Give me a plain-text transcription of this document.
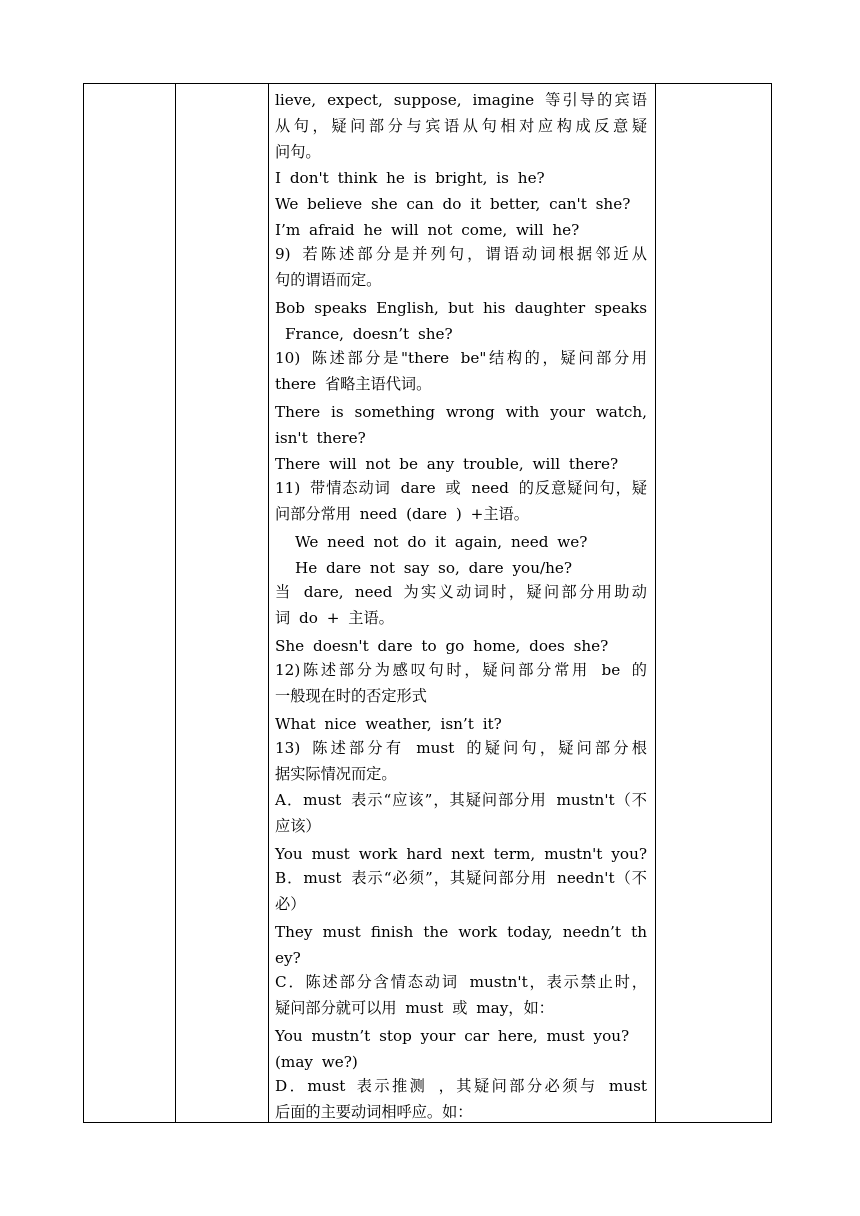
lieve, expect, suppose, imagine 等引导的宾语
从句，疑问部分与宾语从句相对应构成反意疑
问句。
I don't think he is bright, is he?
We believe she can do it better, can't she?
I’m afraid he will not come, will he?
9) 若陈述部分是并列句，谓语动词根据邻近从
句的谓语而定。
Bob speaks English, but his daughter speaks
France, doesn’t she?
10) 陈述部分是"there be"结构的，疑问部分用
there 省略主语代词。
There is something wrong with your watch,
isn't there?
There will not be any trouble, will there?
11) 带情态动词 dare 或 need 的反意疑问句，疑
问部分常用 need (dare ) +主语。
We need not do it again, need we?
He dare not say so, dare you/he?
当 dare, need 为实义动词时，疑问部分用助动
词 do + 主语。
She doesn't dare to go home, does she?
12)陈述部分为感叹句时，疑问部分常用 be 的
一般现在时的否定形式
What nice weather, isn’t it?
13) 陈述部分有 must 的疑问句，疑问部分根
据实际情况而定。
A．must 表示“应该”，其疑问部分用 mustn't（不
应该）
You must work hard next term, mustn't you?
B．must 表示“必须”，其疑问部分用 needn't（不
必）
They must finish the work today, needn’t th
ey?
C．陈述部分含情态动词 mustn't，表示禁止时，
疑问部分就可以用 must 或 may，如：
You mustn’t stop your car here, must you?
(may we?)
D．must 表示推测 ，其疑问部分必须与 must
后面的主要动词相呼应。如：
